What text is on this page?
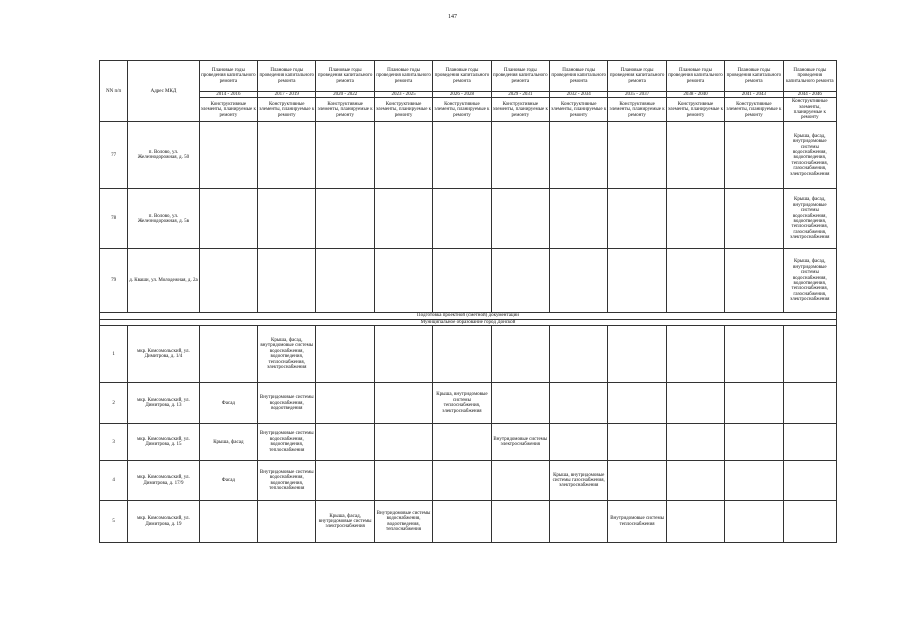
147
NN п/п	Адрес МКД	Плановые годы проведения капитального ремонта	Плановые годы проведения капитального ремонта	Плановые годы проведения капитального ремонта	Плановые годы проведения капитального ремонта	Плановые годы проведения капитального ремонта	Плановые годы проведения капитального ремонта	Плановые годы проведения капитального ремонта	Плановые годы проведения капитального ремонта	Плановые годы проведения капитального ремонта	Плановые годы проведения капитального ремонта	Плановые годы проведения капитального ремонта
		2014 - 2016	2017 - 2019	2020 - 2022	2023 - 2025	2026 - 2028	2029 - 2031	2032 - 2034	2035 - 2037	2038 - 2040	2041 - 2043	2044 - 2046
		Конструктивные элементы, планируемые к ремонту	Конструктивные элементы, планируемые к ремонту	Конструктивные элементы, планируемые к ремонту	Конструктивные элементы, планируемые к ремонту	Конструктивные элементы, планируемые к ремонту	Конструктивные элементы, планируемые к ремонту	Конструктивные элементы, планируемые к ремонту	Конструктивные элементы, планируемые к ремонту	Конструктивные элементы, планируемые к ремонту	Конструктивные элементы, планируемые к ремонту	Конструктивные элементы, планируемые к ремонту
77	п. Волово, ул. Железнодорожная, д. 50											Крыша, фасад, внутридомовые системы водоснабжения, водоотведения, теплоснабжения, газоснабжения, электроснабжения
78	п. Волово, ул. Железнодорожная, д. 5в											Крыша, фасад, внутридомовые системы водоснабжения, водоотведения, теплоснабжения, газоснабжения, электроснабжения
79	д. Кваши, ул. Молодежная, д. 2а											Крыша, фасад, внутридомовые системы водоснабжения, водоотведения, теплоснабжения, газоснабжения, электроснабжения
Подготовка проектной (сметной) документации												
Муниципальное образование город Донской												
1	мкр. Комсомольский, ул. Димитрова, д. 1/4		Крыша, фасад, внутридомовые системы водоснабжения, водоотведения, теплоснабжения, электроснабжения									
2	мкр. Комсомольский, ул. Димитрова, д. 13	Фасад	Внутридомовые системы водоснабжения, водоотведения			Крыша, внутридомовые системы теплоснабжения, электроснабжения						
3	мкр. Комсомольский, ул. Димитрова, д. 15	Крыша, фасад	Внутридомовые системы водоснабжения, водоотведения, теплоснабжения				Внутридомовые системы электроснабжения					
4	мкр. Комсомольский, ул. Димитрова, д. 17/9	Фасад	Внутридомовые системы водоснабжения, водоотведения, теплоснабжения					Крыша, внутридомовые системы газоснабжения, электроснабжения				
5	мкр. Комсомольский, ул. Димитрова, д. 19			Крыша, фасад, внутридомовые системы электроснабжения	Внутридомовые системы водоснабжения, водоотведения, теплоснабжения				Внутридомовые системы теплоснабжения			
